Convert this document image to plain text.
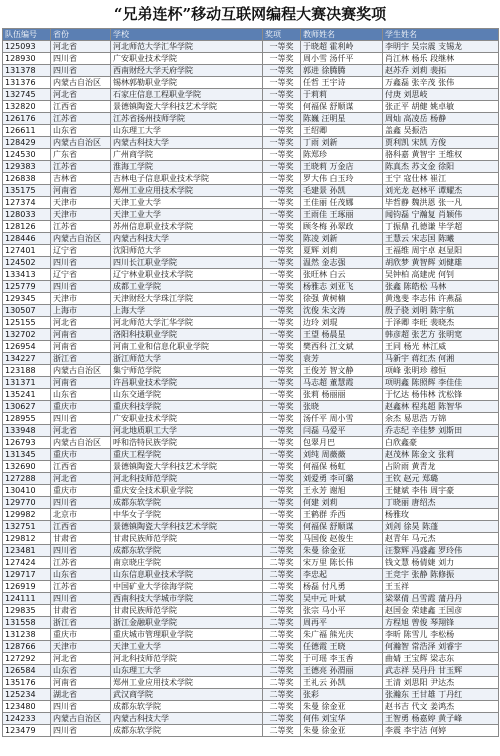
“兄弟连杯”移动互联网编程大赛决赛奖项
队伍编号	省份	学校	奖项	教师姓名	学生姓名
125093	河北省	河北师范大学汇华学院	一等奖	于晓超 霍利岭	李明宇 吴宗震 支锡龙
128930	四川省	广安职业技术学院	一等奖	周小雪 汤仟平	肖江林 杨乐 段继林
131378	四川省	西南财经大学天府学院	一等奖	郭进 徐腾腾	赵苏乔 刘莉 裴拓
131376	内蒙古自治区	锡林郭勒职业学院	一等奖	任哲 王宇诗	万鑫磊 张辛茂 张伟
132745	河北省	石家庄信息工程职业学院	一等奖	于莉莉	付庚 刘思岐
132820	江西省	景德镇陶瓷大学科技艺术学院	一等奖	何福保 舒顺谋	张正平 胡健 姚卓敏
126176	江苏省	江苏省扬州技师学院	一等奖	陈巍 汪明星	周灿 高凌岳 杨静
126611	山东省	山东理工大学	一等奖	王绍卿	盖鑫 吴振浩
128429	内蒙古自治区	内蒙古科技大学	一等奖	丁雨 刘新	贾利凯 宋凯 方俊
124530	广东省	广州商学院	一等奖	陈郑珍	骆科嘉 黄智宇 王维权
129383	江苏省	淮海工学院	一等奖	王晓莉 万金店	陈真杰 苏文金 徐阳
126838	吉林省	吉林电子信息职业技术学院	一等奖	罗大伟 白玉玲	王宁 寇仕林 崔江
135175	河南省	郑州工业应用技术学院	一等奖	毛建景 孙凯	刘光龙 赵林平 谭耀杰
127374	天津市	天津工业大学	一等奖	王佳丽 任茂娜	毕哲静 魏洪恩 张一凡
128033	天津市	天津工业大学	一等奖	王雨佳 王琢丽	闻钧磊 宁瀚复 肖颖伟
128126	江苏省	苏州信息职业技术学院	一等奖	顾冬梅 孙翠政	丁振鼎 孔德谦 毕学超
128446	内蒙古自治区	内蒙古科技大学	一等奖	陈凌 刘新	王慧云 宋志国 陈曦
127401	辽宁省	沈阳师范大学	一等奖	夏辉 刘莉	王福维 周宇卓 赵显阳
124502	四川省	四川长江职业学院	一等奖	温然 金志强	胡欣梦 黄智辉 刘健雄
133413	辽宁省	辽宁林业职业技术学院	一等奖	张旺林 白云	吴钟柏 高建虎 何钊
125779	四川省	成都工业学院	一等奖	杨雅志 刘亚飞	张鑫 陈皓松 马林
129345	天津市	天津财经大学珠江学院	一等奖	徐强 黄树楠	黄逸斐 李志伟 许燕磊
130507	上海市	上海大学	一等奖	沈俊 朱文涛	殷子骁 刘明 陈宇航
125155	河北省	河北师范大学汇华学院	一等奖	边玲 刘琨	于泽卿 李旺 裴晓杰
132702	河南省	洛阳科技职业学院	一等奖	王望 杨晨星	韩彦超 张艺方 张明宽
126954	河南省	河南工业和信息化职业学院	一等奖	樊西科 江文斌	王同 杨光 林江威
134227	浙江省	浙江师范大学	一等奖	袁芳	马新宇 蒋红杰 何湘
123188	内蒙古自治区	集宁师范学院	一等奖	王俊芳 智文静	项峰 张明珍 穆恒
131371	河南省	许昌职业技术学院	一等奖	马志超 董慧霞	项明鑫 陈照辉 李佳佳
135241	山东省	山东交通学院	一等奖	张莉 杨丽丽	于忆达 杨伟林 沈松锋
130627	重庆市	重庆科技学院	一等奖	张晓	赵鑫林 程兆超 陈智华
128955	四川省	广安职业技术学院	一等奖	汤仟平 周小雪	余杰 易思浩 万锦
133948	河北省	河北地质职工大学	一等奖	闫磊 马爱平	乔志纪 辛佳梦 刘斯田
126793	内蒙古自治区	呼和浩特民族学院	一等奖	包翠月巴	白欣鑫豪
131345	重庆市	重庆工程学院	一等奖	刘纯 周薇薇	赵茂林 陈金文 张莉
132690	江西省	景德镇陶瓷大学科技艺术学院	一等奖	何福保 杨虹	占阶雨 黄青龙
127288	河北省	河北科技师范学院	一等奖	刘爱勇 李可璐	王钦 赵元 郑璐
130410	重庆市	重庆安全技术职业学院	一等奖	王永芳 谢旭	王健斌 李伟 周宇豪
129770	四川省	成都东软学院	一等奖	何建 刘莉	丁晓丽 唐绍杰
129982	北京市	中华女子学院	一等奖	王鹤群 乔西	杨雅玫
132751	江西省	景德镇陶瓷大学科技艺术学院	一等奖	何福保 舒顺谋	刘剑 徐昊 陈蓬
129812	甘肃省	甘肃民族师范学院	一等奖	马国俊 赵俊生	赵青年 马元杰
123481	四川省	成都东软学院	二等奖	朱曼 徐金亚	汪黎辉 冯盛鑫 罗玲伟
127424	江苏省	南京晓庄学院	二等奖	宋万里 陈长伟	钱文慧 杨倩婕 刘力
129717	山东省	山东信息职业技术学院	二等奖	李忠起	王竞宇 张静 陈修振
126919	江苏省	中国矿业大学徐海学院	二等奖	杨磊 付凡勇	王玉祥
124111	四川省	西南科技大学城市学院	二等奖	吴中元 叶斌	梁翠倩 吕雪霞 蒲丹丹
129835	甘肃省	甘肃民族师范学院	二等奖	张宗 马小平	赵国金 荣建鑫 王国彦
131558	浙江省	浙江金融职业学院	二等奖	周再平	方程旭 曾俊 琴翔锋
131238	重庆市	重庆城市管理职业学院	二等奖	朱广福 熊光庆	李昕 陈雪儿 李松杨
128766	天津市	天津工业大学	二等奖	任德霞 王晓	何瀚智 常浩泽 刘睿宇
127292	河北省	河北科技师范学院	二等奖	于可瑶 李玉香	曲婧 王宝辉 梁志东
126584	山东省	山东理工大学	二等奖	王德亮 孙渭丽	武志祥 吴丹丹 甘玉辉
135176	河南省	郑州工业应用技术学院	二等奖	王礼云 孙凯	王清 刘思阳 尹达杰
125234	湖北省	武汉商学院	二等奖	张彩	张瀚东 王甘雄 丁丹红
123480	四川省	成都东软学院	二等奖	朱曼 徐金亚	赵书吉 代文 姜鸿杰
124233	内蒙古自治区	内蒙古科技大学	二等奖	何伟 刘宝华	王智勇 杨嘉婷 黄子峰
123479	四川省	成都东软学院	二等奖	朱曼 徐金亚	李震 李宇洁 何婷
